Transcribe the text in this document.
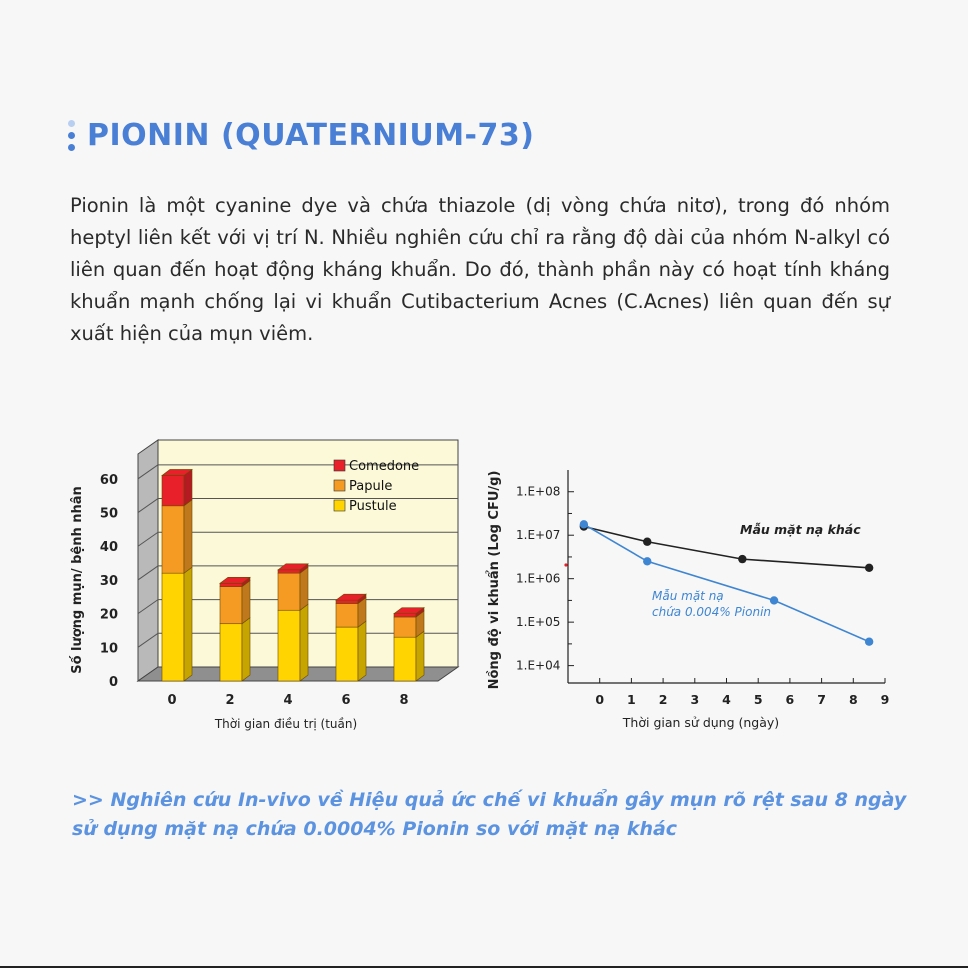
PIONIN (QUATERNIUM-73)

Pionin là một cyanine dye và chứa thiazole (dị vòng chứa nitơ), trong đó nhóm heptyl liên kết với vị trí N. Nhiều nghiên cứu chỉ ra rằng độ dài của nhóm N-alkyl có liên quan đến hoạt động kháng khuẩn. Do đó, thành phần này có hoạt tính kháng khuẩn mạnh chống lại vi khuẩn Cutibacterium Acnes (C.Acnes) liên quan đến sự xuất hiện của mụn viêm.

0
10
20
30
40
50
60
0	2	4	6	8
Comedone
Papule
Pustule
Thời gian điều trị (tuần)
Số lượng mụn/ bệnh nhân	1.E+04
1.E+05
1.E+06
1.E+07
1.E+08
0 1 2 3 4 5 6 7 8 9
Mẫu mặt nạ khác
Mẫu mặt nạ
chứa 0.004% Pionin
Thời gian sử dụng (ngày)
Nồng độ vi khuẩn (Log CFU/g)
>> Nghiên cứu In-vivo về Hiệu quả ức chế vi khuẩn gây mụn rõ rệt sau 8 ngày sử dụng mặt nạ chứa 0.0004% Pionin so với mặt nạ khác
